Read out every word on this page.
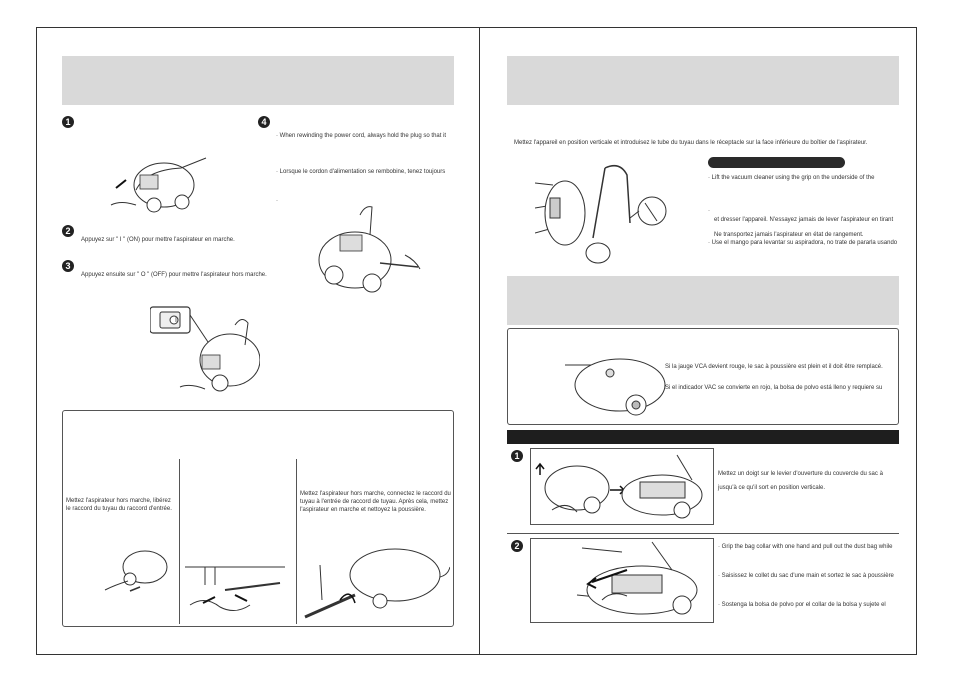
1
2
Appuyez sur " I " (ON) pour mettre l'aspirateur en marche.
3
Appuyez ensuite sur " O " (OFF) pour mettre l'aspirateur hors marche.
4
· When rewinding the power cord, always hold the plug so that it
· Lorsque le cordon d'alimentation se rembobine, tenez toujours
·
I
Mettez l'aspirateur hors marche, libérez le raccord du tuyau du raccord d'entrée.
Mettez l'aspirateur hors marche, connectez le raccord du tuyau à l'entrée de raccord de tuyau. Après cela, mettez l'aspirateur en marche et nettoyez la poussière.
Mettez l'appareil en position verticale et introduisez le tube du tuyau dans le réceptacle sur la face inférieure du boîtier de l'aspirateur.
· Lift the vacuum cleaner using the grip on the underside of the
·
et dresser l'appareil. N'essayez jamais de lever l'aspirateur en tirant
Ne transportez jamais l'aspirateur en état de rangement.
· Use el mango para levantar su aspiradora, no trate de pararla usando
Si la jauge VCA devient rouge, le sac à poussière est plein et il doit être remplacé.
Si el indicador VAC se convierte en rojo, la bolsa de polvo está lleno y requiere su
1
Mettez un doigt sur le levier d'ouverture du couvercle du sac à
jusqu'à ce qu'il sort en position verticale.
2	· Grip the bag collar with one hand and pull out the dust bag while
· Saisissez le collet du sac d'une main et sortez le sac à poussière
· Sostenga la bolsa de polvo por el collar de la bolsa y sujete el
